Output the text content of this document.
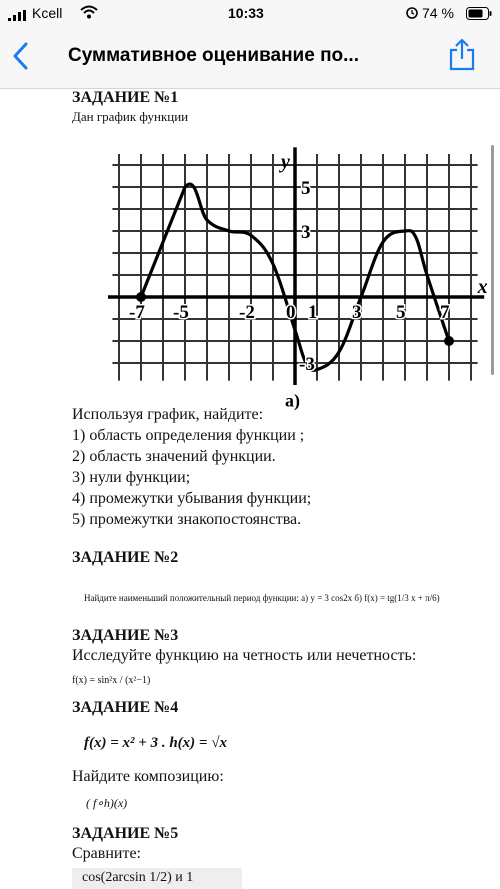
Kcell	10:33	74 %
Суммативное оценивание по...
ЗАДАНИЕ №1
Дан график функции
y
x
-7 -5	-2 0 1 3 5 7
5
3
-3
а)
Используя график, найдите:
1) область определения функции ;
2) область значений функции.
3) нули функции;
4) промежутки убывания функции;
5) промежутки знакопостоянства.
ЗАДАНИЕ №2
Найдите наименьший положительный период функции: а) y = 3 cos2x б) f(x) = tg(1/3 x + π/6)
ЗАДАНИЕ №3
Исследуйте функцию на четность или нечетность:
f(x) = sin²x / (x²−1)
ЗАДАНИЕ №4
f(x) = x² + 3 . h(x) = √x
Найдите композицию:
( f∘h)(x)
ЗАДАНИЕ №5
Сравните:
cos(2arcsin 1/2) и 1
